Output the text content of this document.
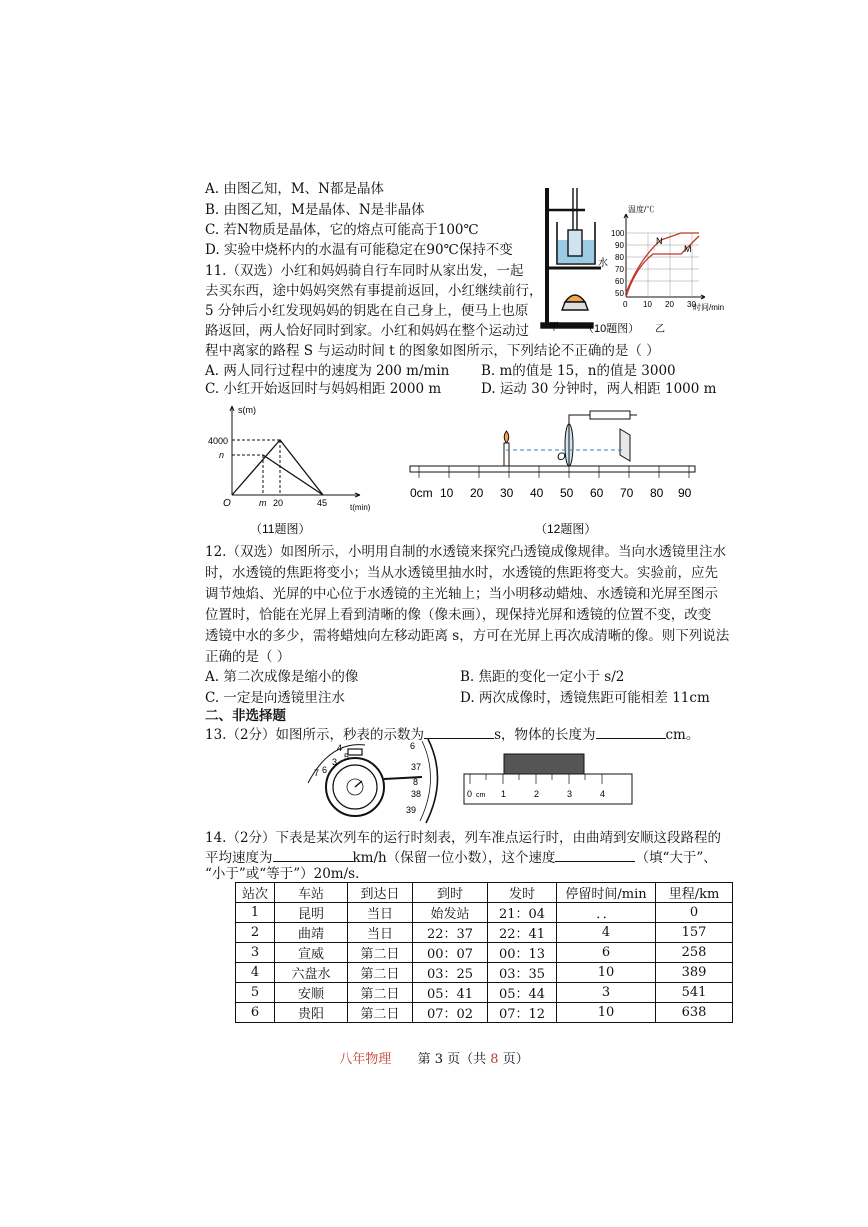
A. 由图乙知，M、N都是晶体
B. 由图乙知，M是晶体、N是非晶体
C. 若N物质是晶体，它的熔点可能高于100℃
D. 实验中烧杯内的水温有可能稳定在90℃保持不变
水
甲 （10题图） 乙
温度/℃
100
90
80
70
60
50
0 10 20 30
时间/min
N
M
11.（双选）小红和妈妈骑自行车同时从家出发，一起
去买东西，途中妈妈突然有事提前返回，小红继续前行，
5 分钟后小红发现妈妈的钥匙在自己身上，便马上也原
路返回，两人恰好同时到家。小红和妈妈在整个运动过
程中离家的路程 S 与运动时间 t 的图象如图所示，下列结论不正确的是（ ）
A. 两人同行过程中的速度为 200 m/min B. m的值是 15，n的值是 3000
C. 小红开始返回时与妈妈相距 2000 m	D. 运动 30 分钟时，两人相距 1000 m
s(m)
4000
n
O	m 20	45	t(min)
（11题图）
O
0cm 10 20 30 40 50 60 70 80 90
（12题图）
12.（双选）如图所示，小明用自制的水透镜来探究凸透镜成像规律。当向水透镜里注水
时，水透镜的焦距将变小；当从水透镜里抽水时，水透镜的焦距将变大。实验前，应先
调节烛焰、光屏的中心位于水透镜的主光轴上；当小明移动蜡烛、水透镜和光屏至图示
位置时，恰能在光屏上看到清晰的像（像未画），现保持光屏和透镜的位置不变，改变
透镜中水的多少，需将蜡烛向左移动距离 s，方可在光屏上再次成清晰的像。则下列说法
正确的是（ ）
A. 第二次成像是缩小的像	B. 焦距的变化一定小于 s/2
C. 一定是向透镜里注水	D. 两次成像时，透镜焦距可能相差 11cm
二、非选择题
13.（2分）如图所示，秒表的示数为	s，物体的长度为	cm。
4
5
3
7 6
6
37
8
38
39
0 cm 1	2	3	4
14.（2分）下表是某次列车的运行时刻表，列车准点运行时，由曲靖到安顺这段路程的
平均速度为	km/h（保留一位小数），这个速度	（填“大于”、
“小于”或“等于”）20m/s.
站次	车站	到达日	到时	发时	停留时间/min	里程/km
1	昆明	当日	始发站	21：04	．．	0
2	曲靖	当日	22：37	22：41	4	157
3	宣威	第二日	00：07	00：13	6	258
4	六盘水	第二日	03：25	03：35	10	389
5	安顺	第二日	05：41	05：44	3	541
6	贵阳	第二日	07：02	07：12	10	638
八年物理 第 3 页（共 8 页）
